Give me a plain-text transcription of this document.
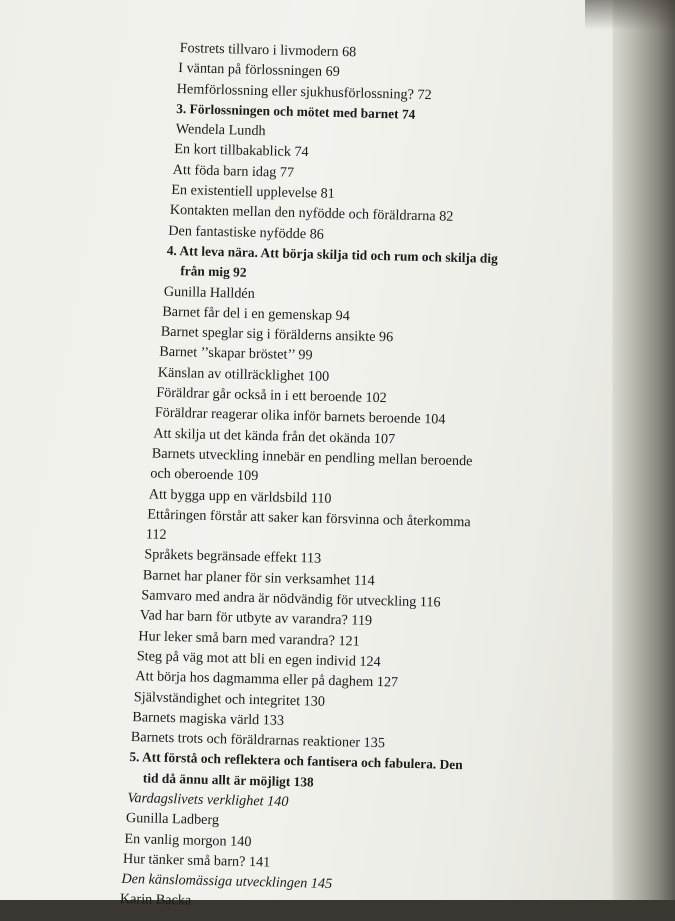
Fostrets tillvaro i livmodern 68
I väntan på förlossningen 69
Hemförlossning eller sjukhusförlossning? 72
3. Förlossningen och mötet med barnet 74
Wendela Lundh
En kort tillbakablick 74
Att föda barn idag 77
En existentiell upplevelse 81
Kontakten mellan den nyfödde och föräldrarna 82
Den fantastiske nyfödde 86
4. Att leva nära. Att börja skilja tid och rum och skilja dig
från mig 92
Gunilla Halldén
Barnet får del i en gemenskap 94
Barnet speglar sig i förälderns ansikte 96
Barnet ’’skapar bröstet’’ 99
Känslan av otillräcklighet 100
Föräldrar går också in i ett beroende 102
Föräldrar reagerar olika inför barnets beroende 104
Att skilja ut det kända från det okända 107
Barnets utveckling innebär en pendling mellan beroende
och oberoende 109
Att bygga upp en världsbild 110
Ettåringen förstår att saker kan försvinna och återkomma
112
Språkets begränsade effekt 113
Barnet har planer för sin verksamhet 114
Samvaro med andra är nödvändig för utveckling 116
Vad har barn för utbyte av varandra? 119
Hur leker små barn med varandra? 121
Steg på väg mot att bli en egen individ 124
Att börja hos dagmamma eller på daghem 127
Självständighet och integritet 130
Barnets magiska värld 133
Barnets trots och föräldrarnas reaktioner 135
5. Att förstå och reflektera och fantisera och fabulera. Den
tid då ännu allt är möjligt 138
Vardagslivets verklighet 140
Gunilla Ladberg
En vanlig morgon 140
Hur tänker små barn? 141
Den känslomässiga utvecklingen 145
Karin Backa
